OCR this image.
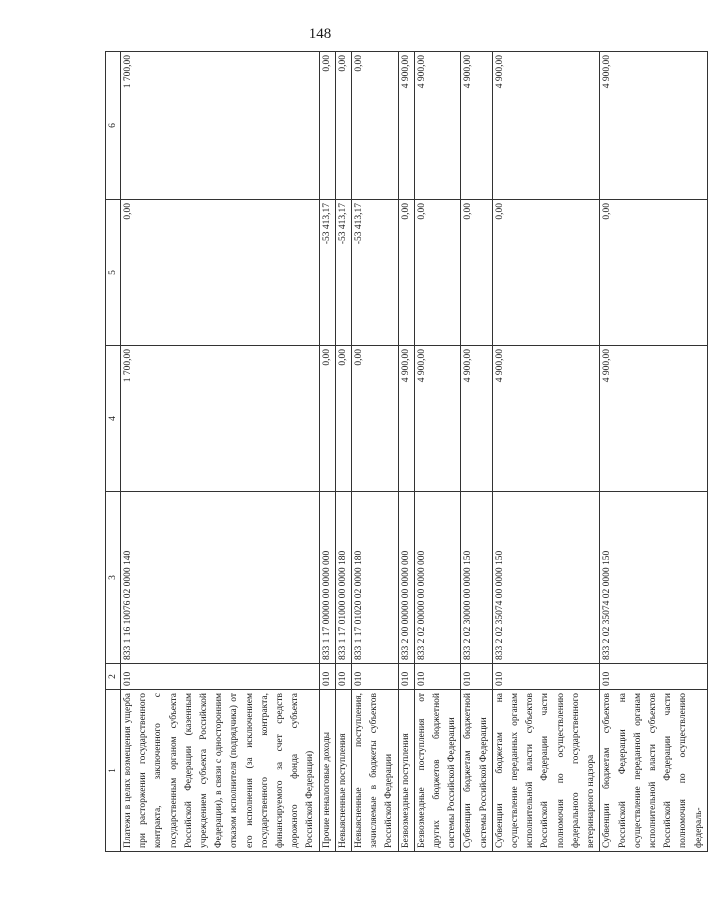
148
1	2	3	4	5	6
Платежи в целях возмещения ущерба при расторжении государственного контракта, заключенного с государственным органом субъекта Российской Федерации (казенным учреждением субъекта Российской Федерации), в связи с односторонним отказом исполнителя (подрядчика) от его исполнения (за исключением государственного контракта, финансируемого за счет средств дорожного фонда субъекта Российской Федерации)	010	833 1 16 10076 02 0000 140	1 700,00	0,00	1 700,00
Прочие неналоговые доходы	010	833 1 17 00000 00 0000 000	0,00	-53 413,17	0,00
Невыясненные поступления	010	833 1 17 01000 00 0000 180	0,00	-53 413,17	0,00
Невыясненные поступления, зачисляемые в бюджеты субъектов Российской Федерации	010	833 1 17 01020 02 0000 180	0,00	-53 413,17	0,00
Безвозмездные поступления	010	833 2 00 00000 00 0000 000	4 900,00	0,00	4 900,00
Безвозмездные поступления от других бюджетов бюджетной системы Российской Федерации	010	833 2 02 00000 00 0000 000	4 900,00	0,00	4 900,00
Субвенции бюджетам бюджетной системы Российской Федерации	010	833 2 02 30000 00 0000 150	4 900,00	0,00	4 900,00
Субвенции бюджетам на осуществление переданных органам исполнительной власти субъектов Российской Федерации части полномочия по осуществлению федерального государственного ветеринарного надзора	010	833 2 02 35074 00 0000 150	4 900,00	0,00	4 900,00
Субвенции бюджетам субъектов Российской Федерации на осуществление переданной органам исполнительной власти субъектов Российской Федерации части полномочия по осуществлению федераль-	010	833 2 02 35074 02 0000 150	4 900,00	0,00	4 900,00
